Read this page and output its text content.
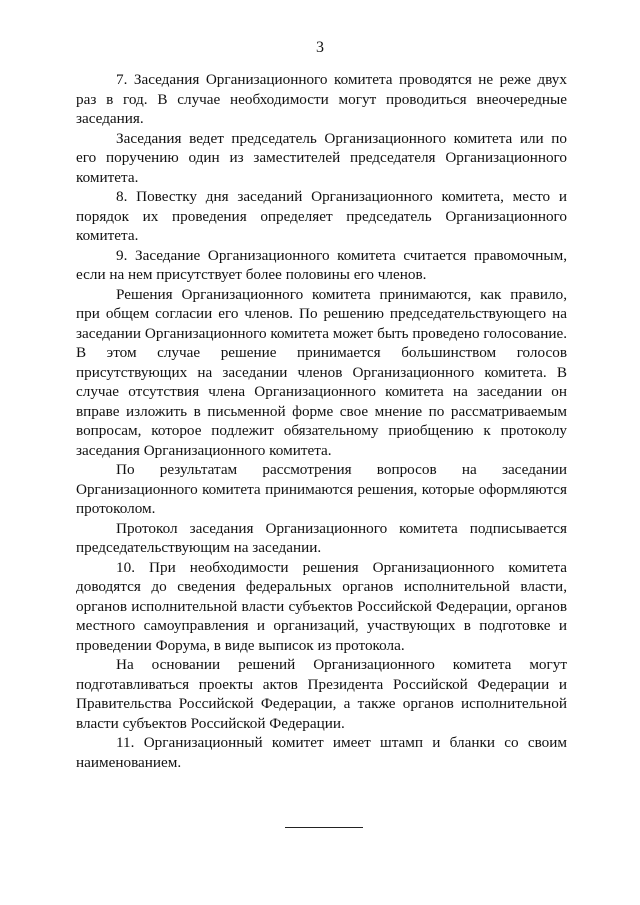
3

7. Заседания Организационного комитета проводятся не реже двух раз в год. В случае необходимости могут проводиться внеочередные заседания.

Заседания ведет председатель Организационного комитета или по его поручению один из заместителей председателя Организационного комитета.

8. Повестку дня заседаний Организационного комитета, место и порядок их проведения определяет председатель Организационного комитета.

9. Заседание Организационного комитета считается правомочным, если на нем присутствует более половины его членов.

Решения Организационного комитета принимаются, как правило, при общем согласии его членов. По решению председательствующего на заседании Организационного комитета может быть проведено голосование. В этом случае решение принимается большинством голосов присутствующих на заседании членов Организационного комитета. В случае отсутствия члена Организационного комитета на заседании он вправе изложить в письменной форме свое мнение по рассматриваемым вопросам, которое подлежит обязательному приобщению к протоколу заседания Организационного комитета.

По результатам рассмотрения вопросов на заседании Организационного комитета принимаются решения, которые оформляются протоколом.

Протокол заседания Организационного комитета подписывается председательствующим на заседании.

10. При необходимости решения Организационного комитета доводятся до сведения федеральных органов исполнительной власти, органов исполнительной власти субъектов Российской Федерации, органов местного самоуправления и организаций, участвующих в подготовке и проведении Форума, в виде выписок из протокола.

На основании решений Организационного комитета могут подготавливаться проекты актов Президента Российской Федерации и Правительства Российской Федерации, а также органов исполнительной власти субъектов Российской Федерации.

11. Организационный комитет имеет штамп и бланки со своим наименованием.
